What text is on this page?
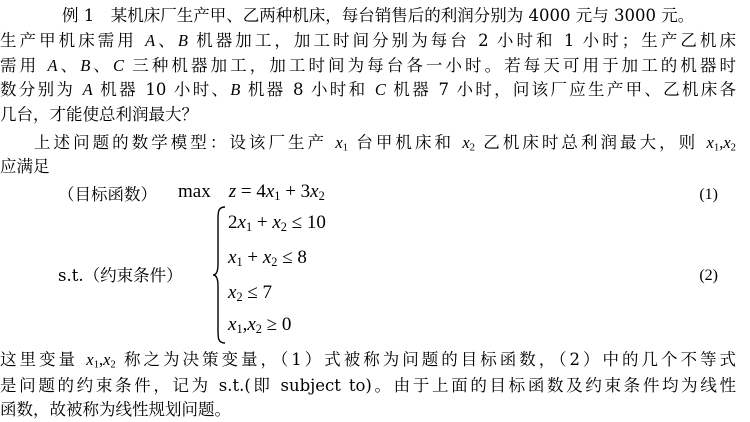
例 1　某机床厂生产甲、乙两种机床，每台销售后的利润分别为 4000 元与 3000 元。
生产甲机床需用 A、B 机器加工，加工时间分别为每台 2 小时和 1 小时；生产乙机床
需用 A、B、C 三种机器加工，加工时间为每台各一小时。若每天可用于加工的机器时
数分别为 A 机器 10 小时、B 机器 8 小时和 C 机器 7 小时，问该厂应生产甲、乙机床各
几台，才能使总利润最大？
上述问题的数学模型：设该厂生产 $x_1$ 台甲机床和 $x_2$ 乙机床时总利润最大，则 $x_1,x_2$
应满足
（目标函数） $\max z = 4x_1 + 3x_2$	(1)
s.t.（约束条件）
$2x_1 + x_2 \le 10$
$x_1 + x_2 \le 8$
$x_2 \le 7$
$x_1,x_2 \ge 0$
(2)
这里变量 $x_1,x_2$ 称之为决策变量，（1）式被称为问题的目标函数，（2）中的几个不等式
是问题的约束条件，记为 s.t.(即 subject to)。由于上面的目标函数及约束条件均为线性
函数，故被称为线性规划问题。
